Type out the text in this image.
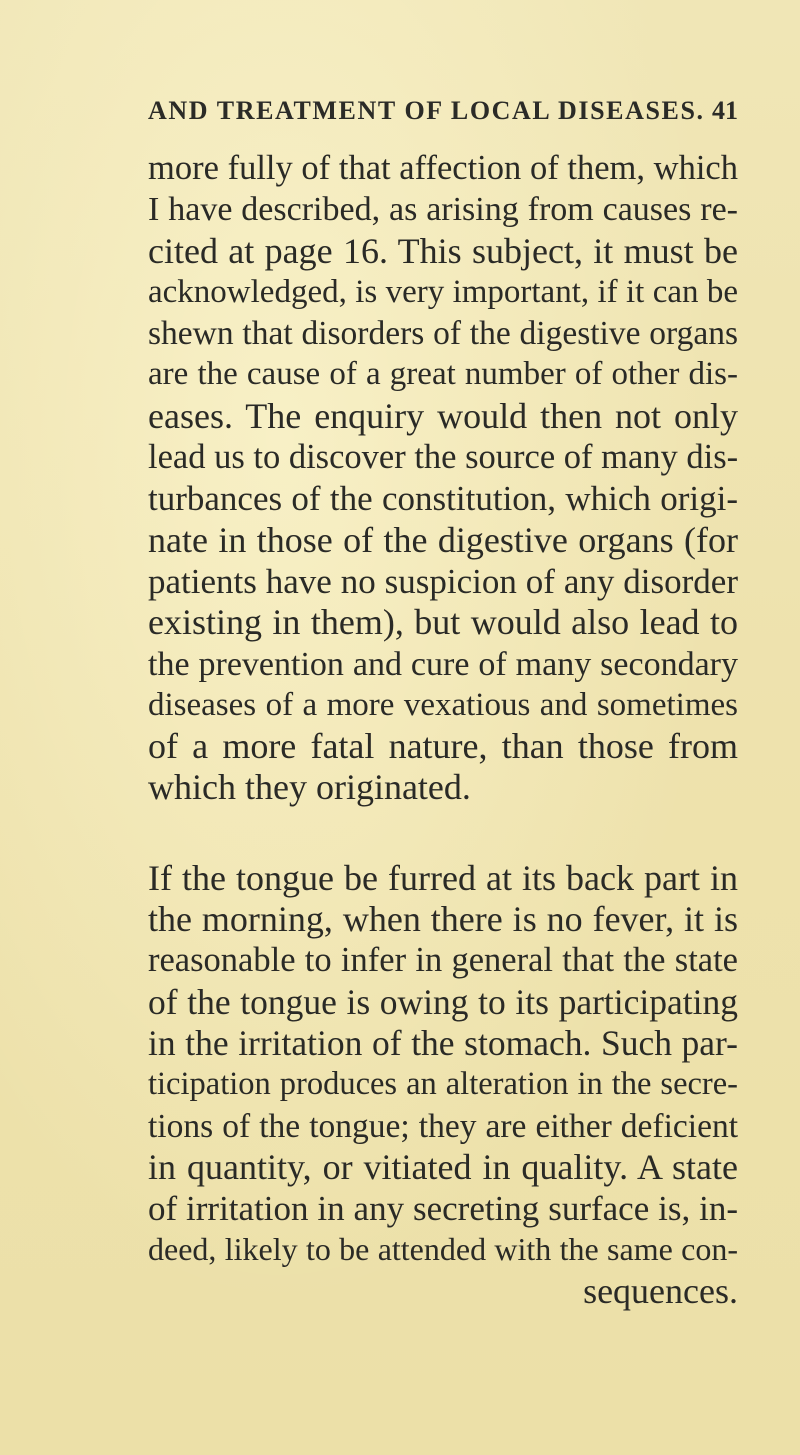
AND TREATMENT OF LOCAL DISEASES. 41
more fully of that affection of them, which
I have described, as arising from causes re-
cited at page 16. This subject, it must be
acknowledged, is very important, if it can be
shewn that disorders of the digestive organs
are the cause of a great number of other dis-
eases. The enquiry would then not only
lead us to discover the source of many dis-
turbances of the constitution, which origi-
nate in those of the digestive organs (for
patients have no suspicion of any disorder
existing in them), but would also lead to
the prevention and cure of many secondary
diseases of a more vexatious and sometimes
of a more fatal nature, than those from
which they originated.
If the tongue be furred at its back part in
the morning, when there is no fever, it is
reasonable to infer in general that the state
of the tongue is owing to its participating
in the irritation of the stomach. Such par-
ticipation produces an alteration in the secre-
tions of the tongue; they are either deficient
in quantity, or vitiated in quality. A state
of irritation in any secreting surface is, in-
deed, likely to be attended with the same con-
sequences.
